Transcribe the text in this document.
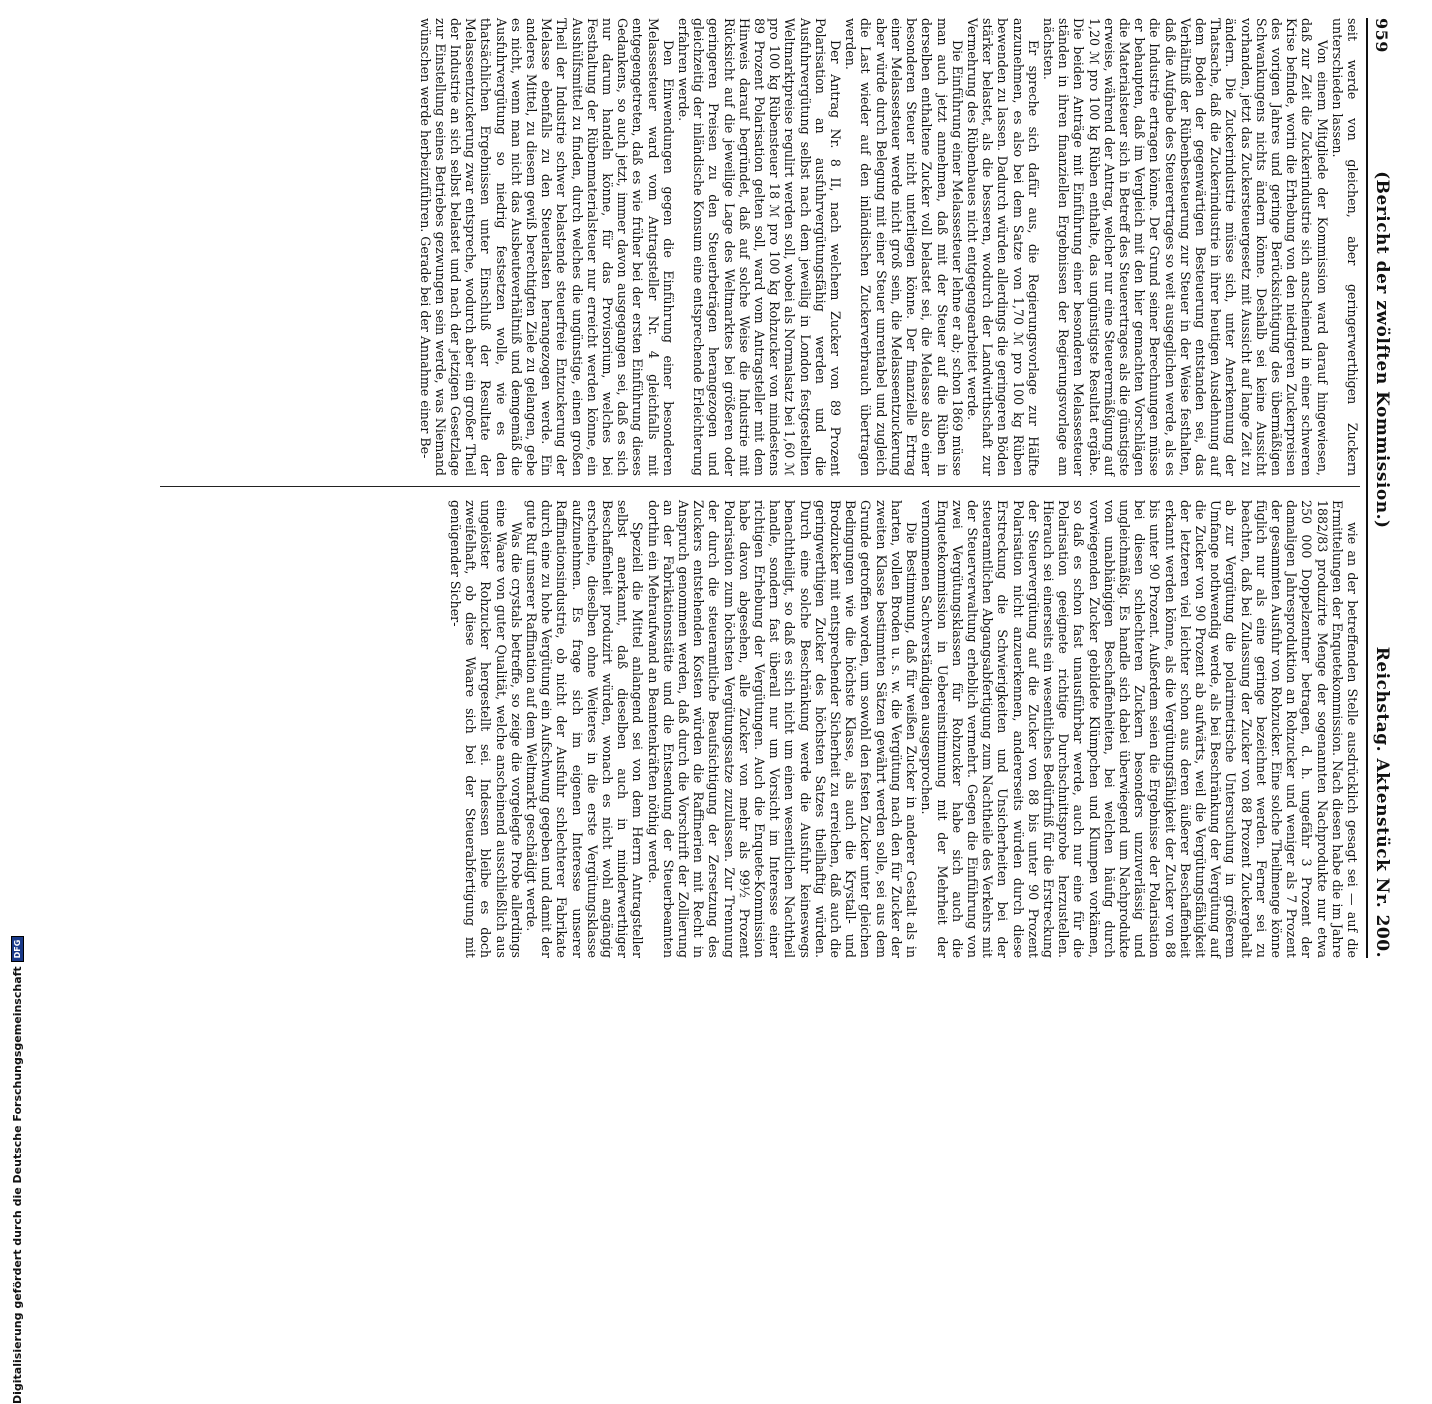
959
(Bericht der zwölften Kommission.)
Reichstag. Aktenstück Nr. 200.

seit werde von gleichen, aber geringerwerthigen Zuckern unterschieden lassen.

Von einem Mitgliede der Kommission ward darauf hingewiesen, daß zur Zeit die Zuckerindustrie sich anscheinend in einer schweren Krise befinde, worin die Erhebung von den niedrigeren Zuckerpreisen des vorigen Jahres und geringe Berücksichtigung des übermäßigen Schwankungens nichts ändern könne. Deshalb sei keine Aussicht vorhanden, jetzt das Zuckersteuergesetz mit Aussicht auf lange Zeit zu ändern. Die Zuckerindustrie müsse sich, unter Anerkennung der Thatsache, daß die Zuckerindustrie in ihrer heutigen Ausdehnung auf dem Boden der gegenwärtigen Besteuerung entstanden sei, das Verhältniß der Rübenbesteuerung zur Steuer in der Weise festhalten, daß die Aufgabe des Steuerertrages so weit ausgeglichen werde, als es die Industrie ertragen könne. Der Grund seiner Berechnungen müsse er behaupten, daß im Vergleich mit den hier gemachten Vorschlägen die Materialsteuer sich in Betreff des Steuerertrages als die günstigste erweise, während der Antrag, welcher nur eine Steuerermäßigung auf 1,20 ℳ pro 100 kg Rüben enthalte, das ungünstigste Resultat ergäbe. Die beiden Anträge mit Einführung einer besonderen Melassesteuer ständen in ihren finanziellen Ergebnissen der Regierungsvorlage am nächsten.

Er spreche sich dafür aus, die Regierungsvorlage zur Hälfte anzunehmen, es also bei dem Satze von 1,70 ℳ pro 100 kg Rüben bewenden zu lassen. Dadurch würden allerdings die geringeren Böden stärker belastet, als die besseren, wodurch der Landwirthschaft zur Vermehrung des Rübenbaues nicht entgegengearbeitet werde.

Die Einführung einer Melassesteuer lehne er ab; schon 1869 müsse man auch jetzt annehmen, daß mit der Steuer auf die Rüben in derselben enthaltene Zucker voll belastet sei, die Melasse also einer besonderen Steuer nicht unterliegen könne. Der finanzielle Ertrag einer Melassesteuer werde nicht groß sein, die Melasseentzuckerung aber würde durch Belegung mit einer Steuer unrentabel und zugleich die Last wieder auf den inländischen Zuckerverbrauch übertragen werden.

Der Antrag Nr. 8 II, nach welchem Zucker von 89 Prozent Polarisation an ausfuhrvergütungsfähig werden und die Ausfuhrvergütung selbst nach dem jeweilig in London festgestellten Weltmarktpreise regulirt werden soll, wobei als Normalsatz bei 1,60 ℳ pro 100 kg Rübensteuer 18 ℳ pro 100 kg Rohzucker von mindestens 89 Prozent Polarisation gelten soll, ward vom Antragsteller mit dem Hinweis darauf begründet, daß auf solche Weise die Industrie mit Rücksicht auf die jeweilige Lage des Weltmarktes bei größeren oder geringeren Preisen zu den Steuerbeträgen herangezogen und gleichzeitig der inländische Konsum eine entsprechende Erleichterung erfahren werde.

Den Einwendungen gegen die Einführung einer besonderen Melassesteuer ward vom Antragsteller Nr. 4 gleichfalls mit entgegengetreten, daß es wie früher bei der ersten Einführung dieses Gedankens, so auch jetzt, immer davon ausgegangen sei, daß es sich nur darum handeln könne, für das Provisorium, welches bei Festhaltung der Rübenmaterialsteuer nur erreicht werden könne, ein Aushülfsmittel zu finden, durch welches die ungünstige, einen großen Theil der Industrie schwer belastende steuerfreie Entzuckerung der Melasse ebenfalls zu den Steuerlasten herangezogen werde. Ein anderes Mittel, zu diesem gewiß berechtigten Ziele zu gelangen, gebe es nicht, wenn man nicht das Ausbeuteverhältniß und demgemäß die Ausfuhrvergütung so niedrig festsetzen wolle, wie es den thatsächlichen Ergebnissen unter Einschluß der Resultate der Melasseentzuckerung zwar entspreche, wodurch aber ein großer Theil der Industrie an sich selbst belastet und nach der jetzigen Gesetzlage zur Einstellung seines Betriebes gezwungen sein werde, was Niemand wünschen werde herbeizuführen. Gerade bei der Annahme einer Be-

wie an der betreffenden Stelle ausdrücklich gesagt sei — auf die Ermittelungen der Enquetekommission. Nach diesen habe die im Jahre 1882/83 produzirte Menge der sogenannten Nachprodukte nur etwa 250 000 Doppelzentner betragen, d. h. ungefähr 3 Prozent der damaligen Jahresproduktion an Rohzucker und weniger als 7 Prozent der gesammten Ausfuhr von Rohzucker. Eine solche Theilmenge könne füglich nur als eine geringe bezeichnet werden. Ferner sei zu beachten, daß bei Zulassung der Zucker von 88 Prozent Zuckergehalt ab zur Vergütung die polarimetrische Untersuchung in größerem Umfange nothwendig werde, als bei Beschränkung der Vergütung auf die Zucker von 90 Prozent ab aufwärts, weil die Vergütungsfähigkeit der letzteren viel leichter schon aus deren äußerer Beschaffenheit erkannt werden könne, als die Vergütungsfähigkeit der Zucker von 88 bis unter 90 Prozent. Außerdem seien die Ergebnisse der Polarisation bei diesen schlechteren Zuckern besonders unzuverlässig und ungleichmäßig. Es handle sich dabei überwiegend um Nachprodukte von unabhängigen Beschaffenheiten, bei welchen häufig durch vorwiegenden Zucker gebildete Klümpchen und Klumpen vorkämen, so daß es schon fast unausführbar werde, auch nur eine für die Polarisation geeignete richtige Durchschnittsprobe herzustellen. Hierauch sei einerseits ein wesentliches Bedürfniß für die Erstreckung der Steuervergütung auf die Zucker von 88 bis unter 90 Prozent Polarisation nicht anzuerkennen, andererseits würden durch diese Erstreckung die Schwierigkeiten und Unsicherheiten bei der steueramtlichen Abgangsabfertigung zum Nachtheile des Verkehrs mit der Steuerverwaltung erheblich vermehrt. Gegen die Einführung von zwei Vergütungsklassen für Rohzucker habe sich auch die Enquetekommission in Uebereinstimmung mit der Mehrheit der vernommenen Sachverständigen ausgesprochen.

Die Bestimmung, daß für weißen Zucker in anderer Gestalt als in harten, vollen Broden u. s. w. die Vergütung nach den für Zucker der zweiten Klasse bestimmten Sätzen gewährt werden solle, sei aus dem Grunde getroffen worden, um sowohl den festen Zucker unter gleichen Bedingungen wie die höchste Klasse, als auch die Krystall- und Brodzucker mit entsprechender Sicherheit zu erreichen, daß auch die geringwerthigen Zucker des höchsten Satzes theilhaftig würden. Durch eine solche Beschränkung werde die Ausfuhr keineswegs benachtheiligt, so daß es sich nicht um einen wesentlichen Nachtheil handle, sondern fast überall nur um Vorsicht im Interesse einer richtigen Erhebung der Vergütungen. Auch die Enquete-Kommission habe davon abgesehen, alle Zucker von mehr als 99½ Prozent Polarisation zum höchsten Vergütungssatze zuzulassen. Zur Trennung der durch die steueramtliche Beaufsichtigung der Zersetzung des Zuckers entstehenden Kosten würden die Raffinerien mit Recht in Anspruch genommen werden, daß durch die Vorschrift der Zollierung an der Fabrikationsstätte und die Entsendung der Steuerbeamten dorthin ein Mehraufwand an Beamtenkräften nöthig werde.

Speziell die Mittel anlangend sei von dem Herrn Antragsteller selbst anerkannt, daß dieselben auch in minderwerthiger Beschaffenheit produzirt würden, wonach es nicht wohl angängig erscheine, dieselben ohne Weiteres in die erste Vergütungsklasse aufzunehmen. Es frage sich im eigenen Interesse unserer Raffinationsindustrie, ob nicht der Ausfuhr schlechterer Fabrikate durch eine zu hohe Vergütung ein Aufschwung gegeben und damit der gute Ruf unserer Raffination auf dem Weltmarkt geschädigt werde.

Was die crystals betreffe, so zeige die vorgelegte Probe allerdings eine Waare von guter Qualität, welche anscheinend ausschließlich aus ungelöster Rohzucker hergestellt sei. Indessen bleibe es doch zweifelhaft, ob diese Waare sich bei der Steuerabfertigung mit genügender Sicher-

Digitalisierung gefördert durch die Deutsche Forschungsgemeinschaft
DFG
